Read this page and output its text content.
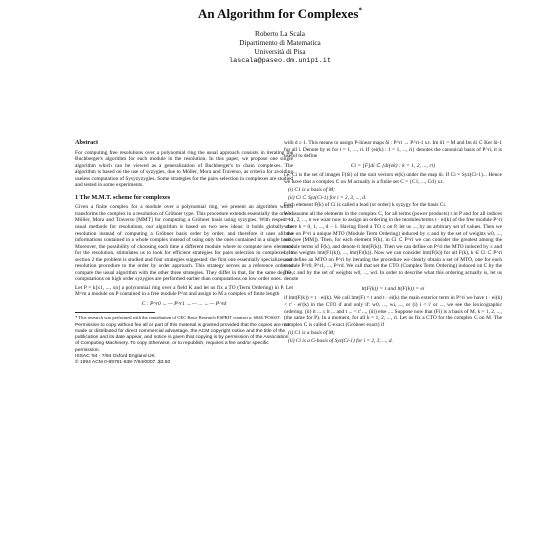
An Algorithm for Complexes*
Roberto La Scala
Dipartimento di Matematica
Università di Pisa
lascala@paseo.dm.unipi.it
Abstract

For computing free resolutions over a polynomial ring the usual approach consists in iterating the Buchberger's algorithm for each module in the resolution. In this paper, we propose one single algorithm which can be viewed as a generalization of Buchberger's to chain complexes. The algorithm is based on the use of syzygies, due to Möller, Mora and Traverso, as criteria for avoiding useless computation of Sysyzyzygies. Some strategies for the pairs selection in complexes are studied and tested in some experiments.

1 The M.M.T. scheme for complexes

Given a finite complex for a module over a polynomial ring, we present an algorithm which transforms the complex in a resolution of Gröbner type. This procedure extends essentially the one of Möller, Mora and Traverso [MMT] for computing a Gröbner basis using syzygies. With respect to usual methods for resolutions, our algorithm is based on two new ideas: it holds globally the resolution instead of computing a Gröbner basis order by order, and therefore it uses all the informations contained in a whole complex instead of using only the ones contained in a single basis. Moreover, the possibility of choosing each time a different module where to compute new elements for the resolution, stimulates us to look for efficient strategies for pairs selection in complexes. In section 2 the problem is studied and four strategies suggested: the first one essentially specializes our resolution procedure to the order by order approach. This strategy serves as a reference order to compare the usual algorithm with the other three strategies. They differ in that, for the same degree, computations on high order syzygies are performed earlier than computations on low order ones.

Let P = k[x1, ..., xn] a polynomial ring over a field K and let us fix a TO (Term Ordering) in P. Let M^m a module on P contained in a free module P^m and assign to M a complex of finite length

C : P^r0 ←— P^r1 ←— ... ←— P^rd
* This research was performed with the contribution of CEC Basic Research ESPRIT contract n. 6846 'POSSO'.
Permission to copy without fee all or part of this material is granted provided that the copies are not made or distributed for direct commercial advantage, the ACM copyright notice and the title of the publication and its date appear, and notice is given that copying is by permission of the Association of Computing Machinery. To copy otherwise, or to republish, requires a fee and/or specific permission.
ISSAC '94 - 7/94 Oxford England UK
© 1994 ACM 0-89791-638-7/94/0007..$3.50

with d ≥ 1. This means to assign P-linear maps δi : P^ri → P^ri-1 s.t. Im δ1 = M and Im δi ⊂ Ker δi-1 for all i. Denote by ei for i = 1, ..., ri. If {ei(k) : 1 = 1, ..., ri} denotes the canonical basis of P^ri, it is useful to define

Ci = [F]di ⊂ {di(ek) : k = 1, 2, ..., ri}

i.e. Ci is the set of images F(δi) of the unit vectors ei(k) under the map δi. If Ci = Syz(Ci-1)... Hence we have that a complex C on M actually is a finite set C = {C1, ..., Cd} s.t.

(i) C1 is a basis of M;
(ii) Ci ⊂ Syz(Ci-1) for i = 2, 3, ..., d.

Each element F(k) of Ci is called a lead (or order) k syzygy for the basis Ci.

We assume all the elements in the complex C, for all terms (power products) t in P and for all indices i = 1, 2, ..., n we want now to assign an ordering in the modules/terms t · ei(k) of the free module P^ri where k = 0, 1, ..., d − 1. Having fixed a TO ≤ on P, let us ..., by an arbitrary set of values. Then we have on P^ri a unique MTO (Module Term Ordering) induced by ≤ and by the set of weights w0, ..., wd (see [MM]). Then, for each element F(k), in Ci ⊂ P^ri we can consider the greatest among the module terms of F(k), and denote it lmt(F(k)). Then we can define on P^ri the MTO induced by ≤ and by the weights lmt(F1(k)), ..., lmt(Fr(k)). Now we can consider lmt(F(k)) for all F(k), k ∈ Ci ⊂ P^ri and define an MTO on P^ri by iterating the procedure we clearly obtain a set of MTO, one for each module P^r0, P^r1, ..., P^rd. We call that set the CTO (Complex Term Ordering) induced on C by the TO ≤ and by the set of weights w0, ..., wd. In order to describe what this ordering actually is, let us denote

lt(F(k)) = t and lt(F(k)) = ei

if lmt(F(k)) = t · ei(k). We call lmt(F) = t and t · ei(k) the main exterior term in P^ri we have t · ei(k) < t' · ei'(k) in the CTO if and only if: w0, ..., wi, ..., or (i) i < i' or ..., we see the lexicographic ordering. (ii) lt ... ≤ lt ... and t ... < t' ..., (iii) else .... Suppose now that (Fi) is a basis of M, k = 1, 2, ..., (the same for P). In a moment, for all k = 1, 2, ..., ri. Let us fix a CTO for the complex C on M. The complex C is called C-exact (Gröbner exact) if

(i) C1 is a basis of M;
(ii) Ci is a G-basis of Syz(Ci-1) for i = 2, 3, ..., d.
